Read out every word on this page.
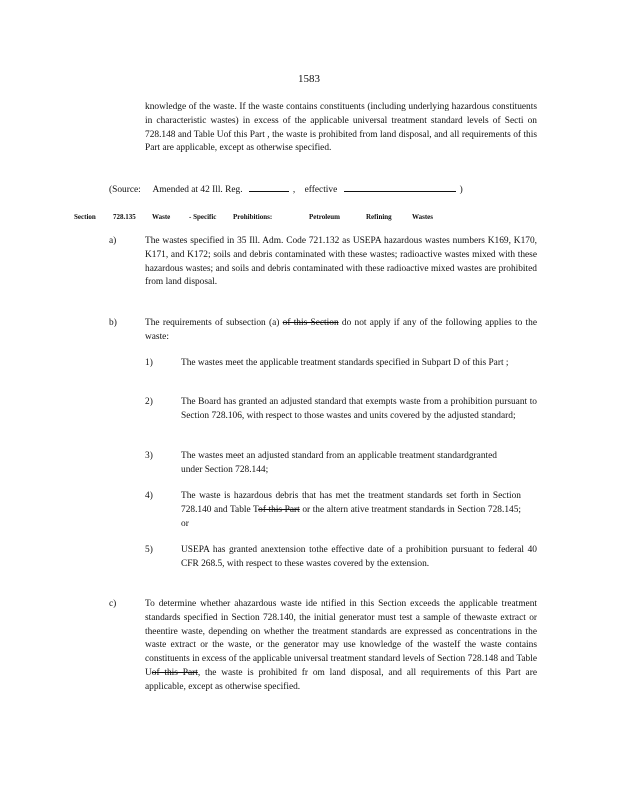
1583

knowledge of the waste. If the waste contains constituents (including underlying hazardous constituents in characteristic wastes) in excess of the applicable universal treatment standard levels of Secti on 728.148 and Table Uof this Part , the waste is prohibited from land disposal, and all requirements of this Part are applicable, except as otherwise specified.

(Source: Amended at 42 Ill. Reg.	, effective	)
Section 728.135 Waste	- Specific Prohibitions:	Petroleum	Refining	Wastes
a)	The wastes specified in 35 Ill. Adm. Code 721.132 as USEPA hazardous wastes numbers K169, K170, K171, and K172; soils and debris contaminated with these wastes; radioactive wastes mixed with these hazardous wastes; and soils and debris contaminated with these radioactive mixed wastes are prohibited from land disposal.

b)	The requirements of subsection (a) of this Section do not apply if any of the following applies to the waste:

1)	The wastes meet the applicable treatment standards specified in Subpart D of this Part ;

2)	The Board has granted an adjusted standard that exempts waste from a prohibition pursuant to Section 728.106, with respect to those wastes and units covered by the adjusted standard;

3)	The wastes meet an adjusted standard from an applicable treatment standardgranted under Section 728.144;

4)	The waste is hazardous debris that has met the treatment standards set forth in Section 728.140 and Table Tof this Part or the altern ative treatment standards in Section 728.145; or

5)	USEPA has granted anextension tothe effective date of a prohibition pursuant to federal 40 CFR 268.5, with respect to these wastes covered by the extension.

c)	To determine whether ahazardous waste ide ntified in this Section exceeds the applicable treatment standards specified in Section 728.140, the initial generator must test a sample of thewaste extract or theentire waste, depending on whether the treatment standards are expressed as concentrations in the waste extract or the waste, or the generator may use knowledge of the wasteIf the waste contains constituents in excess of the applicable universal treatment standard levels of Section 728.148 and Table Uof this Part, the waste is prohibited fr om land disposal, and all requirements of this Part are applicable, except as otherwise specified.
